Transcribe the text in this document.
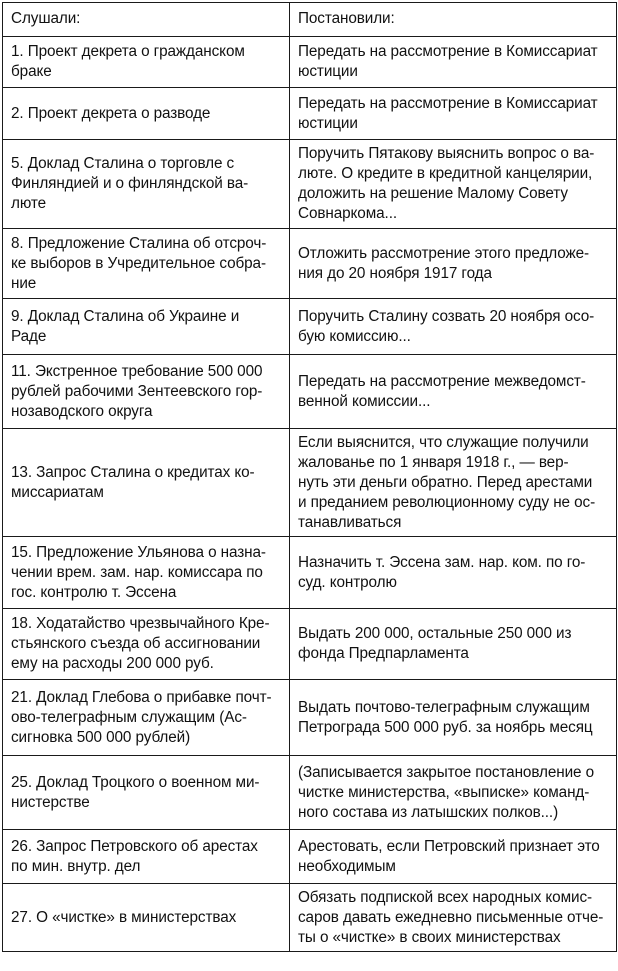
Слушали:	Постановили:

1. Проект декрета о гражданском
браке	Передать на рассмотрение в Комиссариат
юстиции

2. Проект декрета о разводе	Передать на рассмотрение в Комиссариат
юстиции

5. Доклад Сталина о торговле с
Финляндией и о финляндской ва-
люте	Поручить Пятакову выяснить вопрос о ва-
люте. О кредите в кредитной канцелярии,
доложить на решение Малому Совету
Совнаркома...

8. Предложение Сталина об отсроч-
ке выборов в Учредительное собра-
ние	Отложить рассмотрение этого предложе-
ния до 20 ноября 1917 года

9. Доклад Сталина об Украине и
Раде	Поручить Сталину созвать 20 ноября осо-
бую комиссию...

11. Экстренное требование 500 000
рублей рабочими Зентеевского гор-
нозаводского округа	Передать на рассмотрение межведомст-
венной комиссии...

13. Запрос Сталина о кредитах ко-
миссариатам	Если выяснится, что служащие получили
жалованье по 1 января 1918 г., — вер-
нуть эти деньги обратно. Перед арестами
и преданием революционному суду не ос-
танавливаться

15. Предложение Ульянова о назна-
чении врем. зам. нар. комиссара по
гос. контролю т. Эссена	Назначить т. Эссена зам. нар. ком. по го-
суд. контролю

18. Ходатайство чрезвычайного Кре-
стьянского съезда об ассигновании
ему на расходы 200 000 руб.	Выдать 200 000, остальные 250 000 из
фонда Предпарламента

21. Доклад Глебова о прибавке почт-
ово-телеграфным служащим (Ас-
сигновка 500 000 рублей)	Выдать почтово-телеграфным служащим
Петрограда 500 000 руб. за ноябрь месяц

25. Доклад Троцкого о военном ми-
нистерстве	(Записывается закрытое постановление о
чистке министерства, «выписке» команд-
ного состава из латышских полков...)

26. Запрос Петровского об арестах
по мин. внутр. дел	Арестовать, если Петровский признает это
необходимым

27. О «чистке» в министерствах	Обязать подпиской всех народных комис-
саров давать ежедневно письменные отче-
ты о «чистке» в своих министерствах
